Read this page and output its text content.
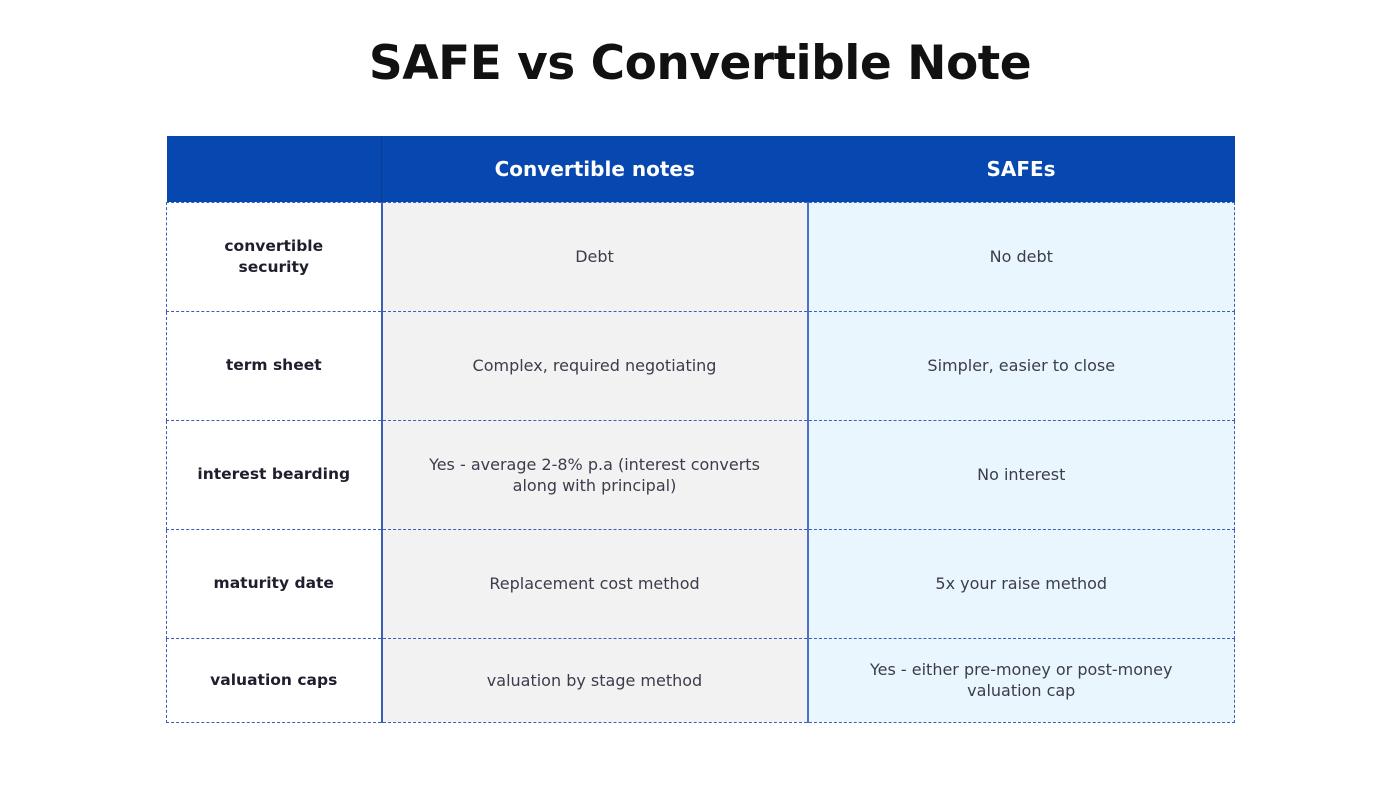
SAFE vs Convertible Note
	Convertible notes	SAFEs
convertible security	Debt	No debt
term sheet	Complex, required negotiating	Simpler, easier to close
interest bearding	Yes - average 2-8% p.a (interest converts along with principal)	No interest
maturity date	Replacement cost method	5x your raise method
valuation caps	valuation by stage method	Yes - either pre-money or post-money valuation cap
